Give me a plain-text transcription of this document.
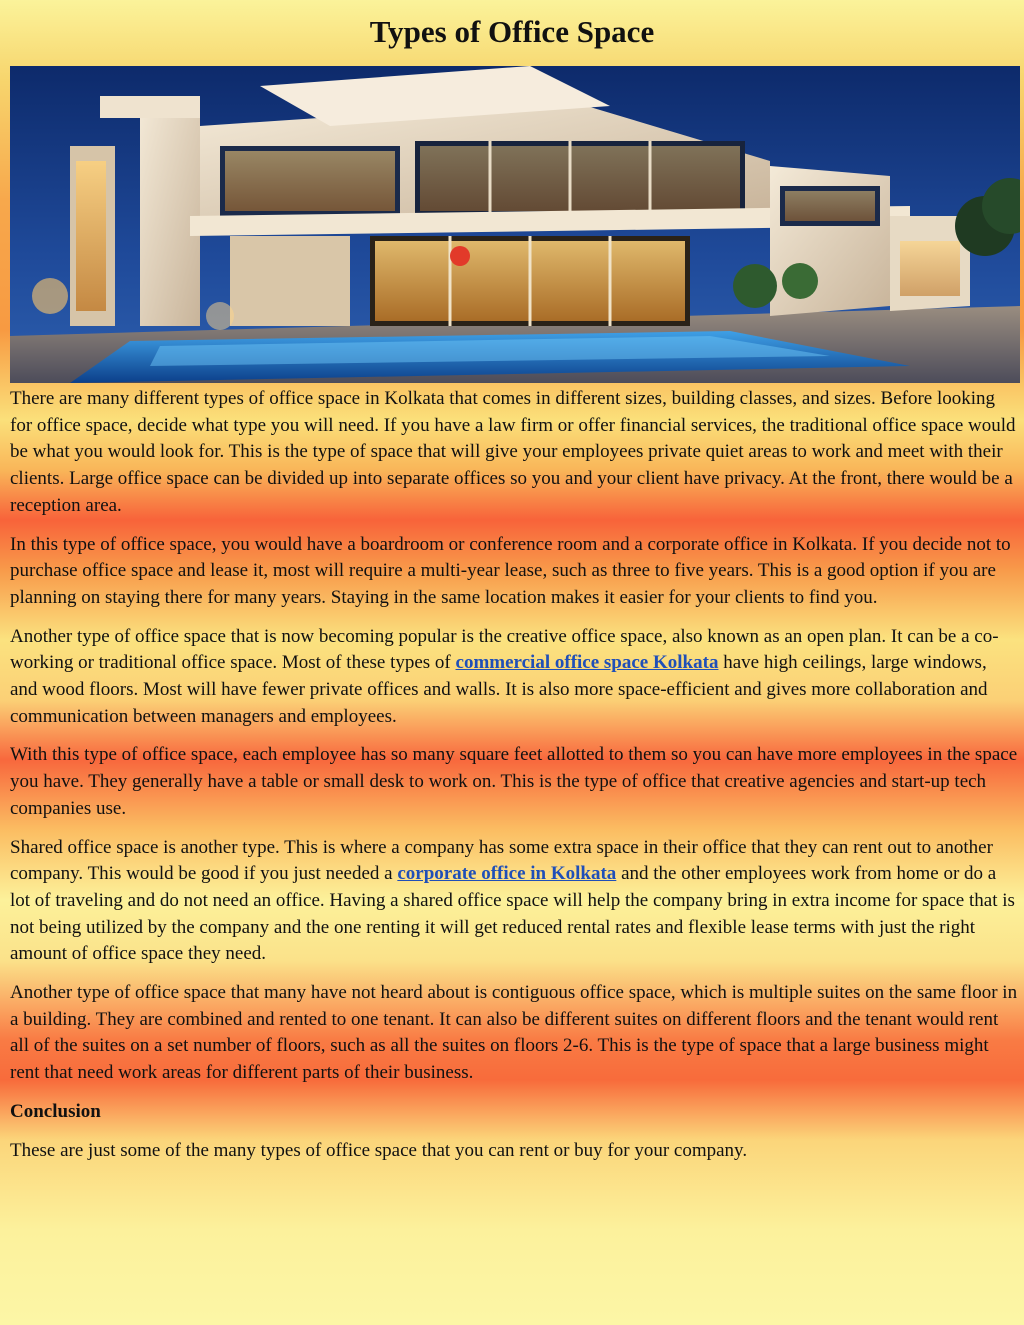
Types of Office Space

There are many different types of office space in Kolkata that comes in different sizes, building classes, and sizes. Before looking for office space, decide what type you will need. If you have a law firm or offer financial services, the traditional office space would be what you would look for. This is the type of space that will give your employees private quiet areas to work and meet with their clients. Large office space can be divided up into separate offices so you and your client have privacy. At the front, there would be a reception area.

In this type of office space, you would have a boardroom or conference room and a corporate office in Kolkata. If you decide not to purchase office space and lease it, most will require a multi-year lease, such as three to five years. This is a good option if you are planning on staying there for many years. Staying in the same location makes it easier for your clients to find you.

Another type of office space that is now becoming popular is the creative office space, also known as an open plan. It can be a co-working or traditional office space. Most of these types of commercial office space Kolkata have high ceilings, large windows, and wood floors. Most will have fewer private offices and walls. It is also more space-efficient and gives more collaboration and communication between managers and employees.

With this type of office space, each employee has so many square feet allotted to them so you can have more employees in the space you have. They generally have a table or small desk to work on. This is the type of office that creative agencies and start-up tech companies use.

Shared office space is another type. This is where a company has some extra space in their office that they can rent out to another company. This would be good if you just needed a corporate office in Kolkata and the other employees work from home or do a lot of traveling and do not need an office. Having a shared office space will help the company bring in extra income for space that is not being utilized by the company and the one renting it will get reduced rental rates and flexible lease terms with just the right amount of office space they need.

Another type of office space that many have not heard about is contiguous office space, which is multiple suites on the same floor in a building. They are combined and rented to one tenant. It can also be different suites on different floors and the tenant would rent all of the suites on a set number of floors, such as all the suites on floors 2-6. This is the type of space that a large business might rent that need work areas for different parts of their business.

Conclusion

These are just some of the many types of office space that you can rent or buy for your company.
